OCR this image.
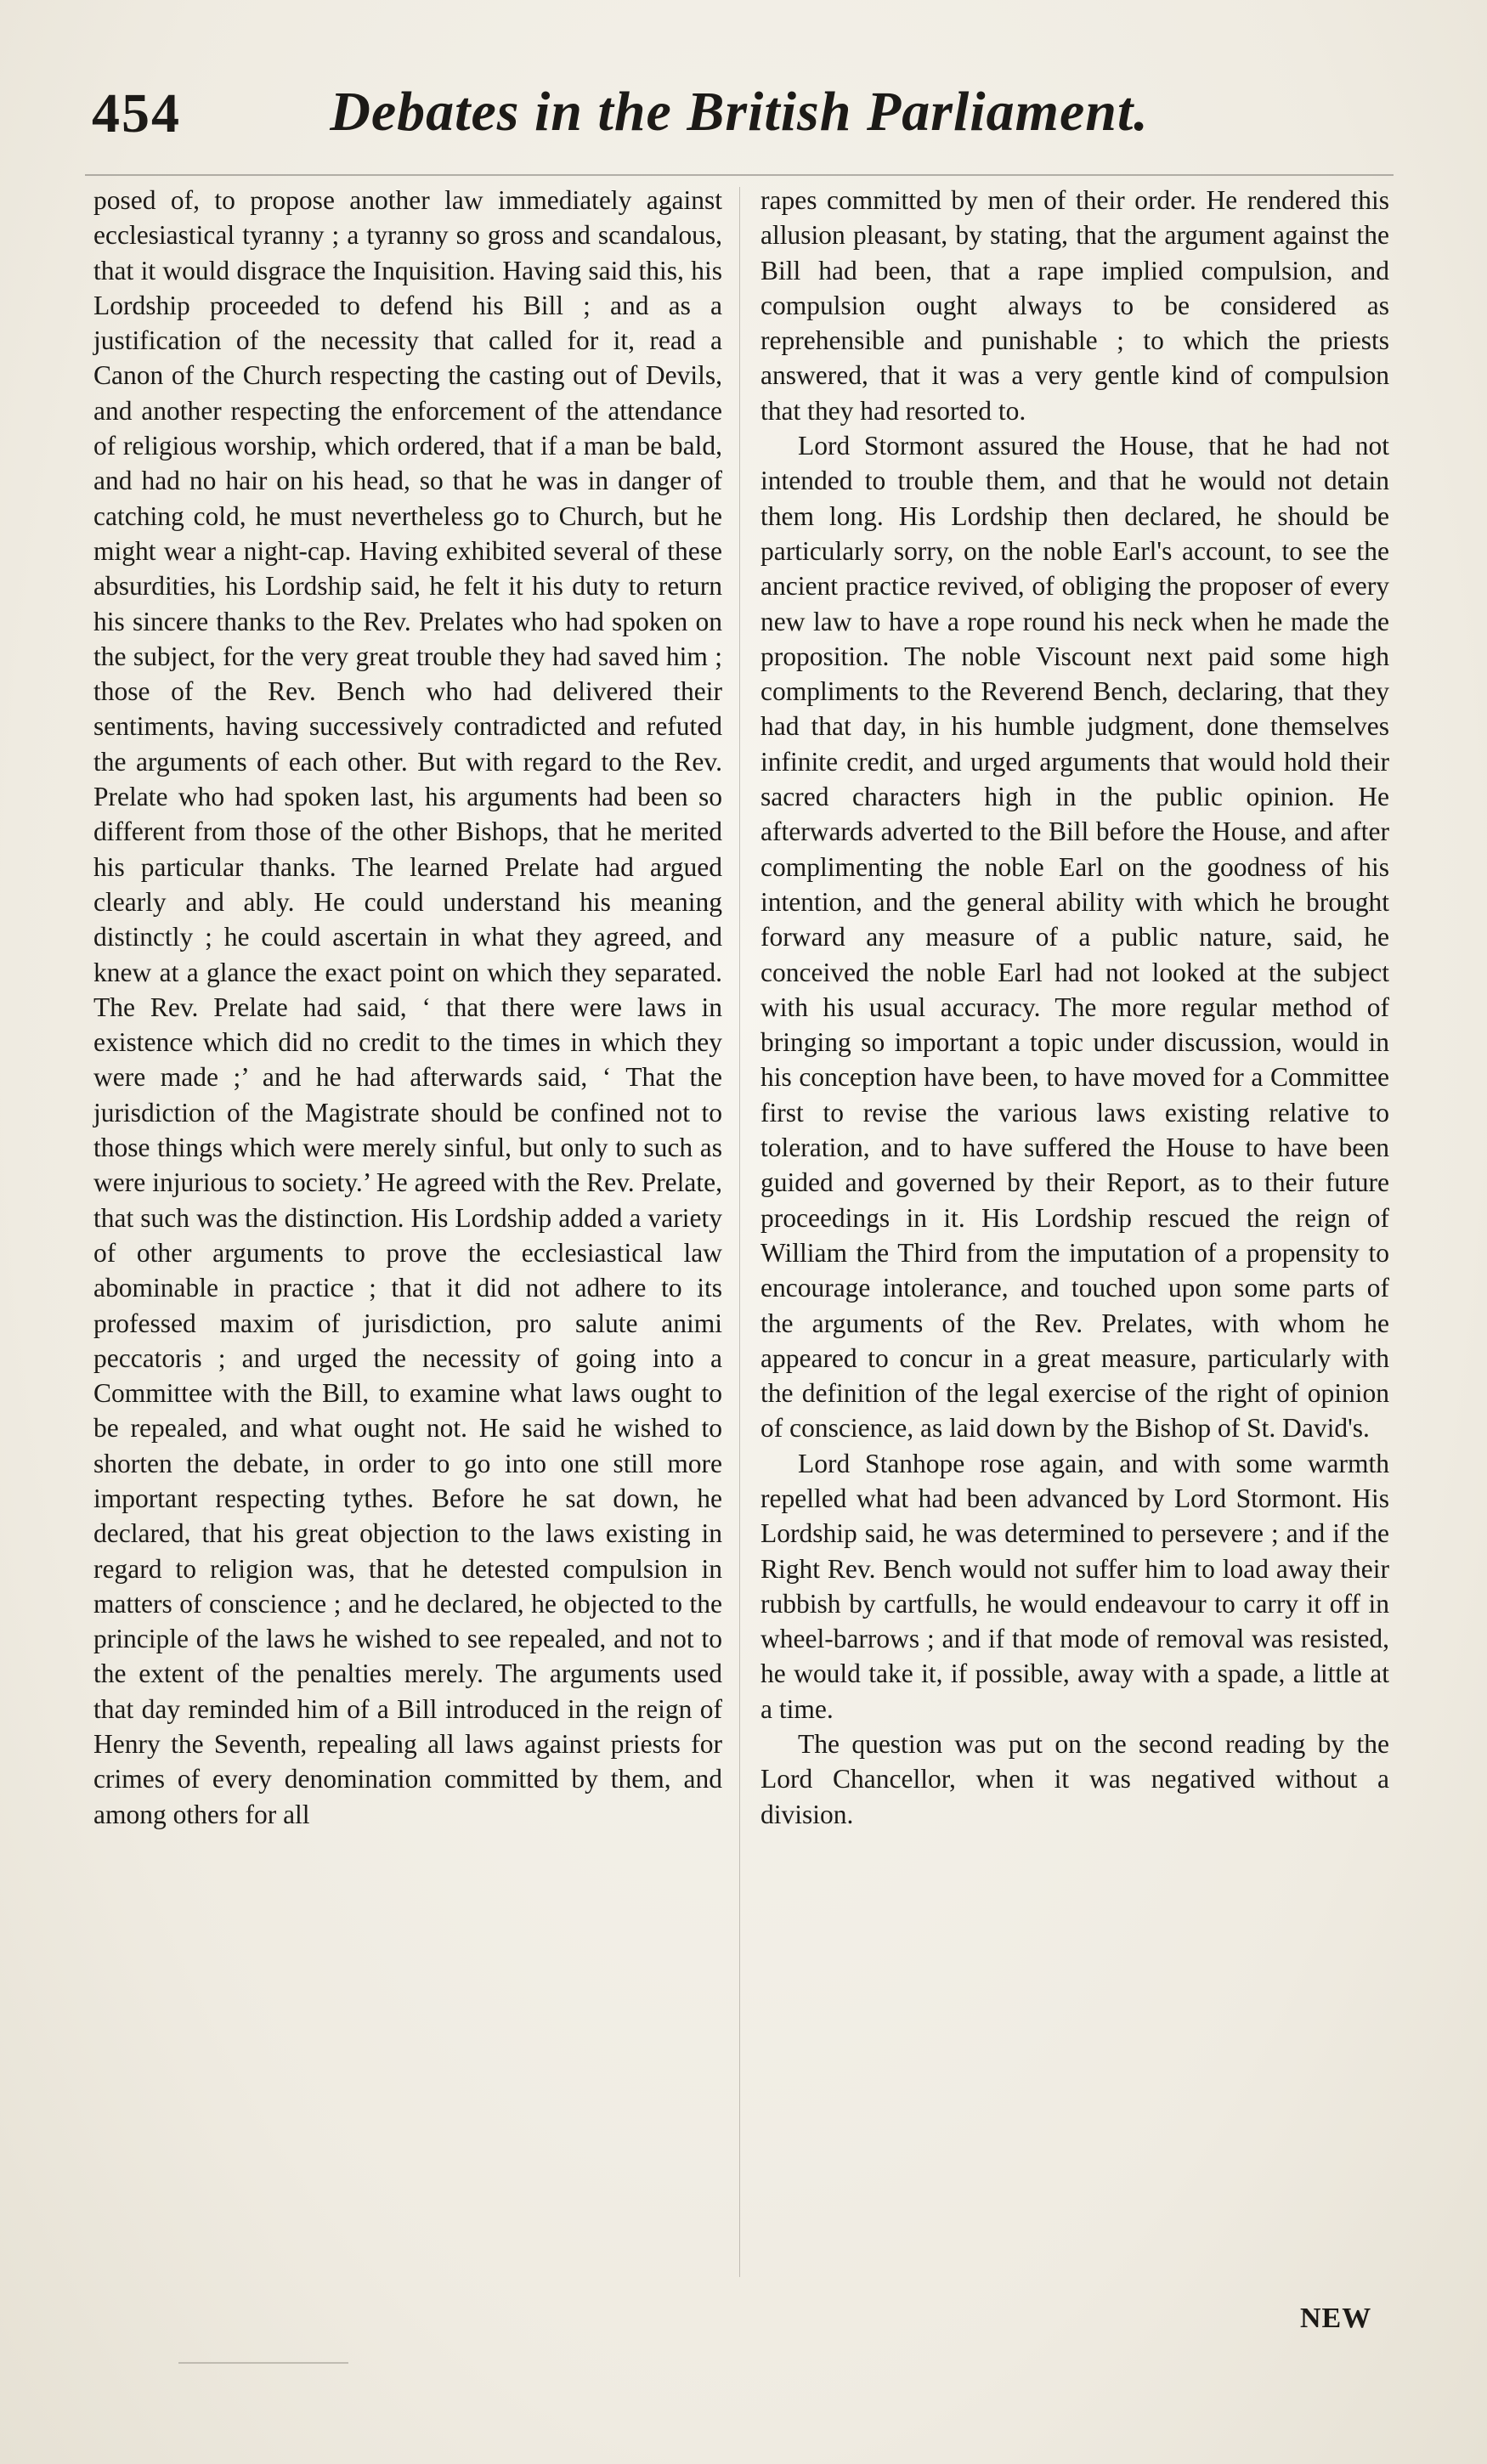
454	Debates in the British Parliament.

posed of, to propose another law immediately against ecclesiastical tyranny ; a tyranny so gross and scandalous, that it would disgrace the Inquisition. Having said this, his Lordship proceeded to defend his Bill ; and as a justification of the necessity that called for it, read a Canon of the Church respecting the casting out of Devils, and another respecting the enforcement of the attendance of religious worship, which ordered, that if a man be bald, and had no hair on his head, so that he was in danger of catching cold, he must nevertheless go to Church, but he might wear a night-cap. Having exhibited several of these absurdities, his Lordship said, he felt it his duty to return his sincere thanks to the Rev. Prelates who had spoken on the subject, for the very great trouble they had saved him ; those of the Rev. Bench who had delivered their sentiments, having successively contradicted and refuted the arguments of each other. But with regard to the Rev. Prelate who had spoken last, his arguments had been so different from those of the other Bishops, that he merited his particular thanks. The learned Prelate had argued clearly and ably. He could understand his meaning distinctly ; he could ascertain in what they agreed, and knew at a glance the exact point on which they separated. The Rev. Prelate had said, ‘ that there were laws in existence which did no credit to the times in which they were made ;’ and he had afterwards said, ‘ That the jurisdiction of the Magistrate should be confined not to those things which were merely sinful, but only to such as were injurious to society.’ He agreed with the Rev. Prelate, that such was the distinction. His Lordship added a variety of other arguments to prove the ecclesiastical law abominable in practice ; that it did not adhere to its professed maxim of jurisdiction, pro salute animi peccatoris ; and urged the necessity of going into a Committee with the Bill, to examine what laws ought to be repealed, and what ought not. He said he wished to shorten the debate, in order to go into one still more important respecting tythes. Before he sat down, he declared, that his great objection to the laws existing in regard to religion was, that he detested compulsion in matters of conscience ; and he declared, he objected to the principle of the laws he wished to see repealed, and not to the extent of the penalties merely. The arguments used that day reminded him of a Bill introduced in the reign of Henry the Seventh, repealing all laws against priests for crimes of every denomination committed by them, and among others for all

rapes committed by men of their order. He rendered this allusion pleasant, by stating, that the argument against the Bill had been, that a rape implied compulsion, and compulsion ought always to be considered as reprehensible and punishable ; to which the priests answered, that it was a very gentle kind of compulsion that they had resorted to.

Lord Stormont assured the House, that he had not intended to trouble them, and that he would not detain them long. His Lordship then declared, he should be particularly sorry, on the noble Earl's account, to see the ancient practice revived, of obliging the proposer of every new law to have a rope round his neck when he made the proposition. The noble Viscount next paid some high compliments to the Reverend Bench, declaring, that they had that day, in his humble judgment, done themselves infinite credit, and urged arguments that would hold their sacred characters high in the public opinion. He afterwards adverted to the Bill before the House, and after complimenting the noble Earl on the goodness of his intention, and the general ability with which he brought forward any measure of a public nature, said, he conceived the noble Earl had not looked at the subject with his usual accuracy. The more regular method of bringing so important a topic under discussion, would in his conception have been, to have moved for a Committee first to revise the various laws existing relative to toleration, and to have suffered the House to have been guided and governed by their Report, as to their future proceedings in it. His Lordship rescued the reign of William the Third from the imputation of a propensity to encourage intolerance, and touched upon some parts of the arguments of the Rev. Prelates, with whom he appeared to concur in a great measure, particularly with the definition of the legal exercise of the right of opinion of conscience, as laid down by the Bishop of St. David's.

Lord Stanhope rose again, and with some warmth repelled what had been advanced by Lord Stormont. His Lordship said, he was determined to persevere ; and if the Right Rev. Bench would not suffer him to load away their rubbish by cartfulls, he would endeavour to carry it off in wheel-barrows ; and if that mode of removal was resisted, he would take it, if possible, away with a spade, a little at a time.

The question was put on the second reading by the Lord Chancellor, when it was negatived without a division.

NEW
